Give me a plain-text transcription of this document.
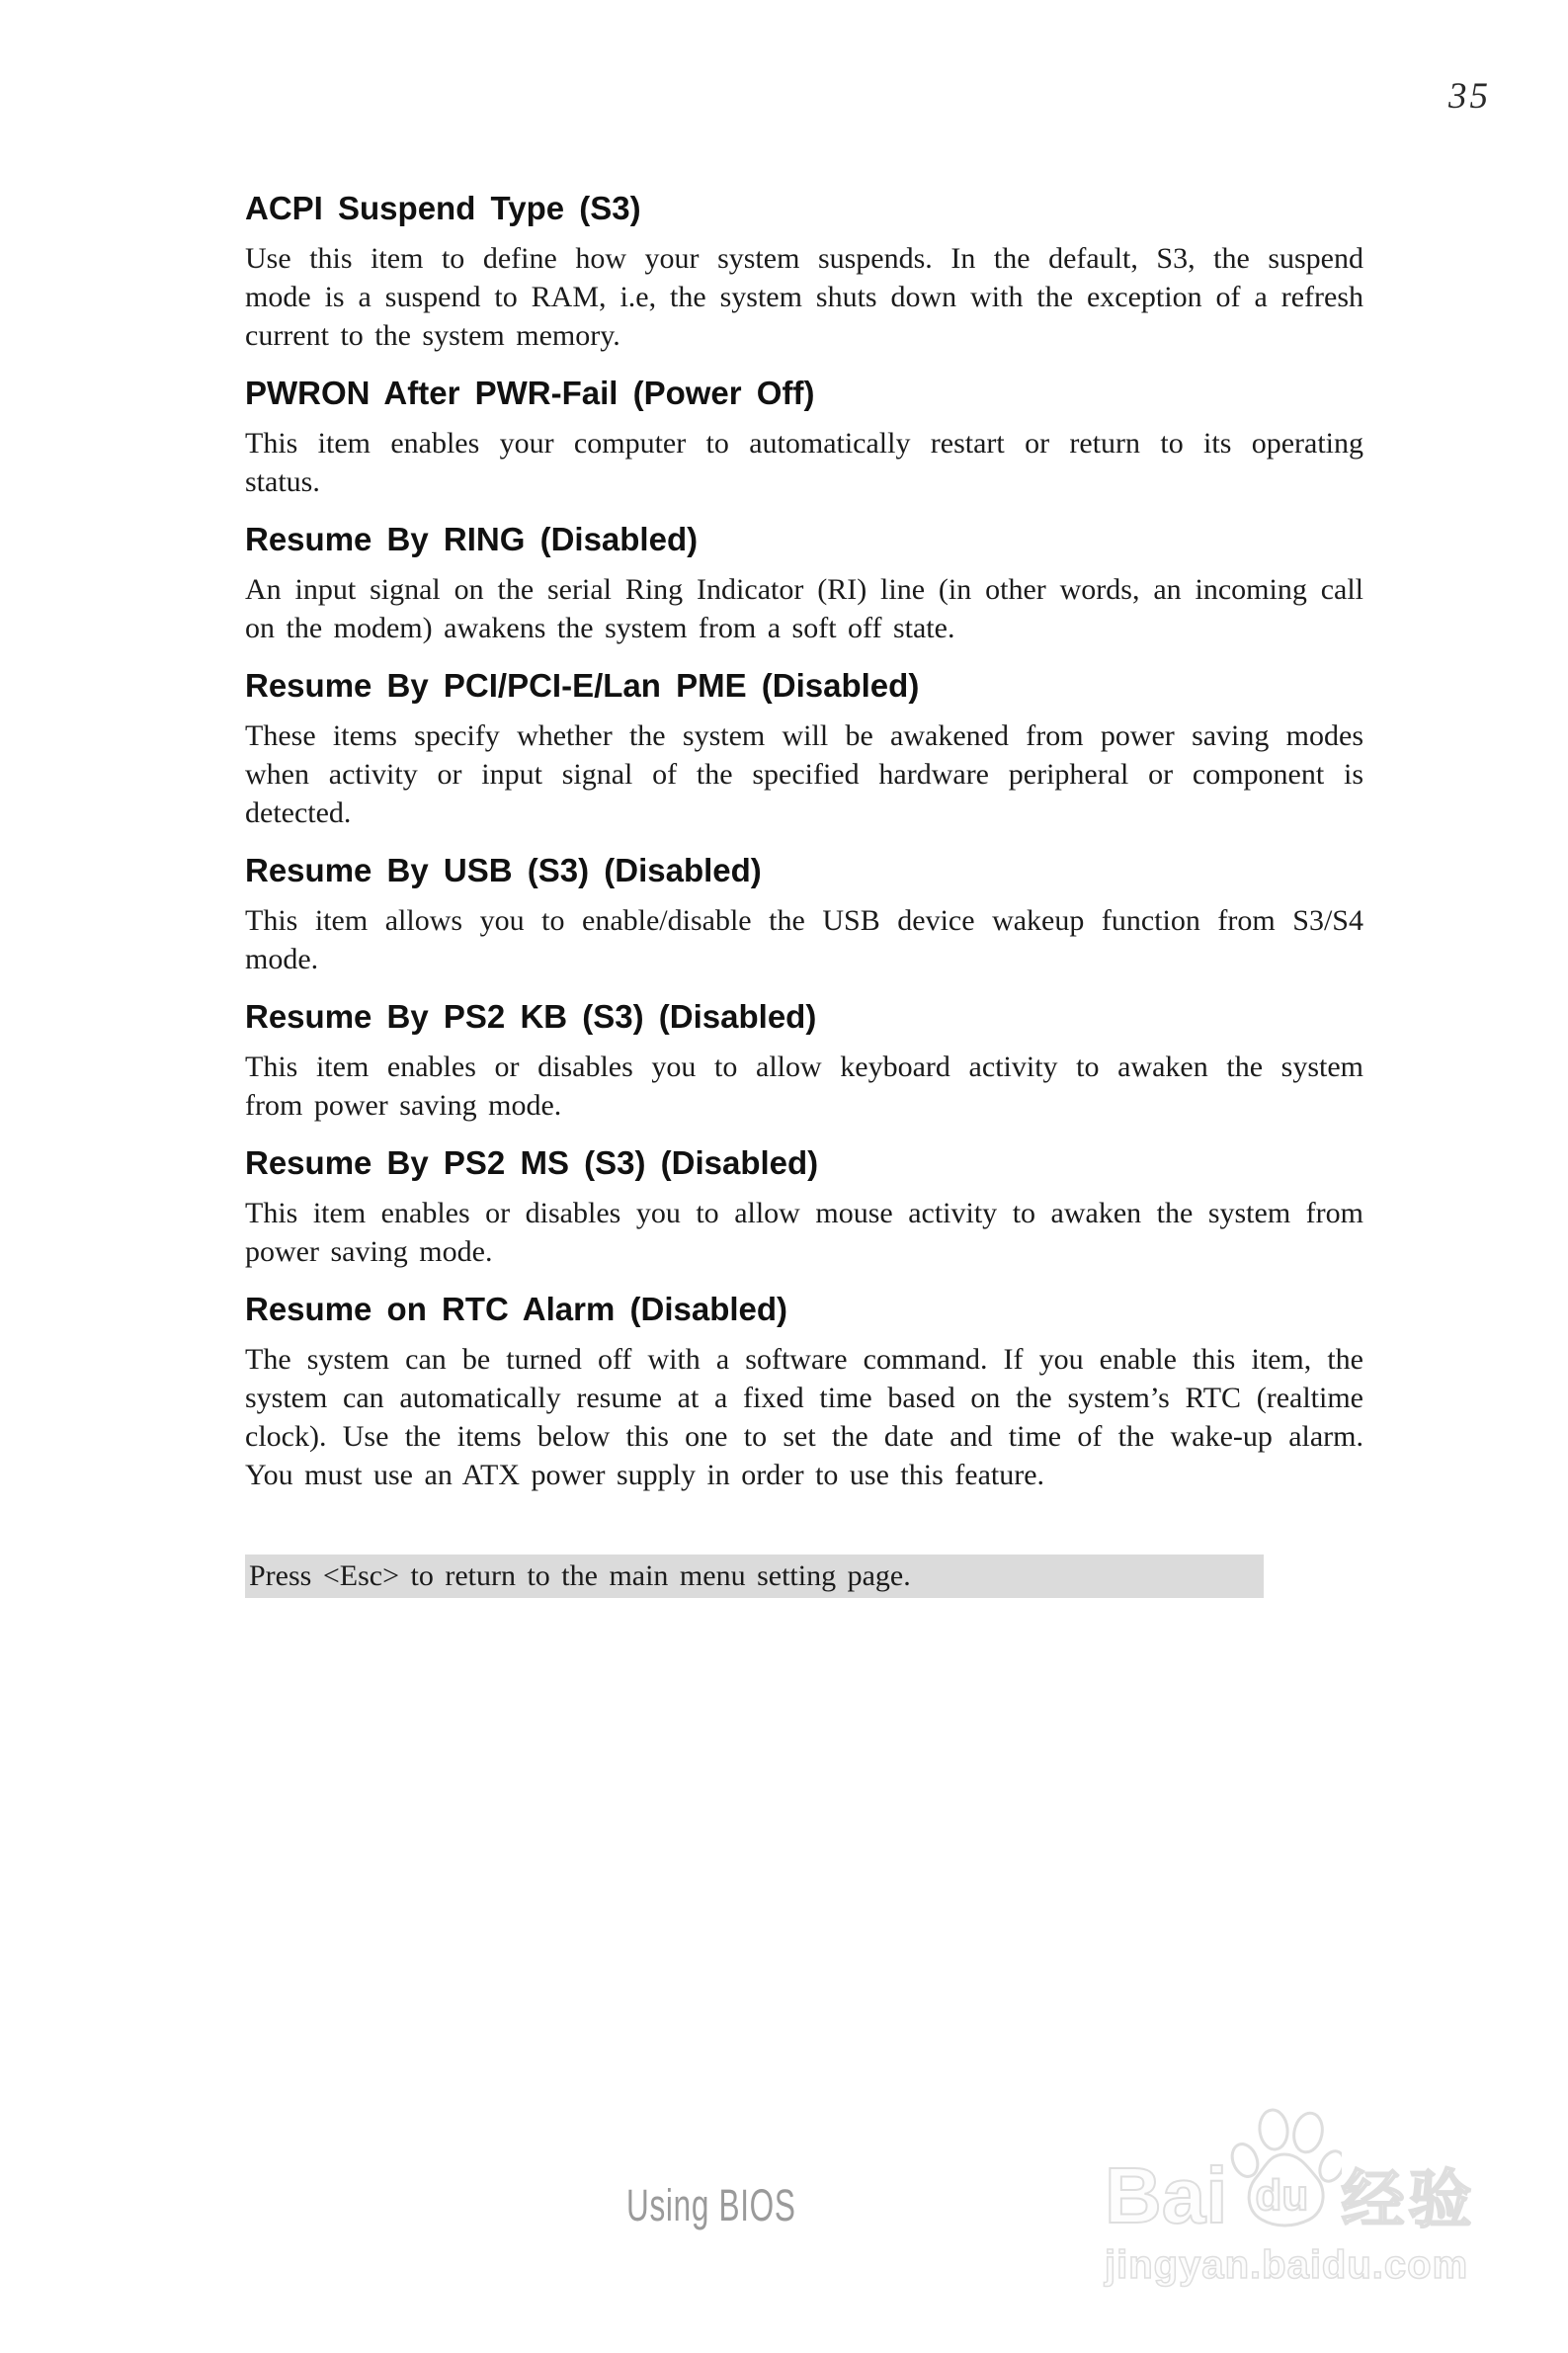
35
ACPI Suspend Type (S3)
Use this item to define how your system suspends. In the default, S3, the suspend
mode is a suspend to RAM, i.e, the system shuts down with the exception of a refresh
current to the system memory.
PWRON After PWR-Fail (Power Off)
This item enables your computer to automatically restart or return to its operating
status.
Resume By RING (Disabled)
An input signal on the serial Ring Indicator (RI) line (in other words, an incoming call
on the modem) awakens the system from a soft off state.
Resume By PCI/PCI-E/Lan PME (Disabled)
These items specify whether the system will be awakened from power saving modes
when activity or input signal of the specified hardware peripheral or component is
detected.
Resume By USB (S3) (Disabled)
This item allows you to enable/disable the USB device wakeup function from S3/S4
mode.
Resume By PS2 KB (S3) (Disabled)
This item enables or disables you to allow keyboard activity to awaken the system
from power saving mode.
Resume By PS2 MS (S3) (Disabled)
This item enables or disables you to allow mouse activity to awaken the system from
power saving mode.
Resume on RTC Alarm (Disabled)
The system can be turned off with a software command. If you enable this item, the
system can automatically resume at a fixed time based on the system’s RTC (realtime
clock). Use the items below this one to set the date and time of the wake-up alarm.
You must use an ATX power supply in order to use this feature.
Press <Esc> to return to the main menu setting page.
Using BIOS	Bai du 经验
jingyan.baidu.com
